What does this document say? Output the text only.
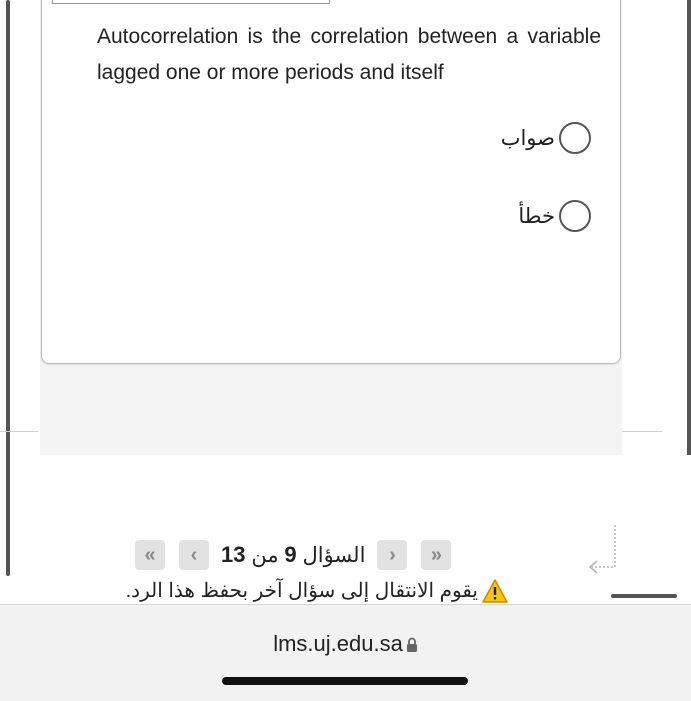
Autocorrelation is the correlation between a variable lagged one or more periods and itself
صواب
خطأ
«	‹	السؤال 9 من 13	›	»
يقوم الانتقال إلى سؤال آخر بحفظ هذا الرد.
lms.uj.edu.sa
